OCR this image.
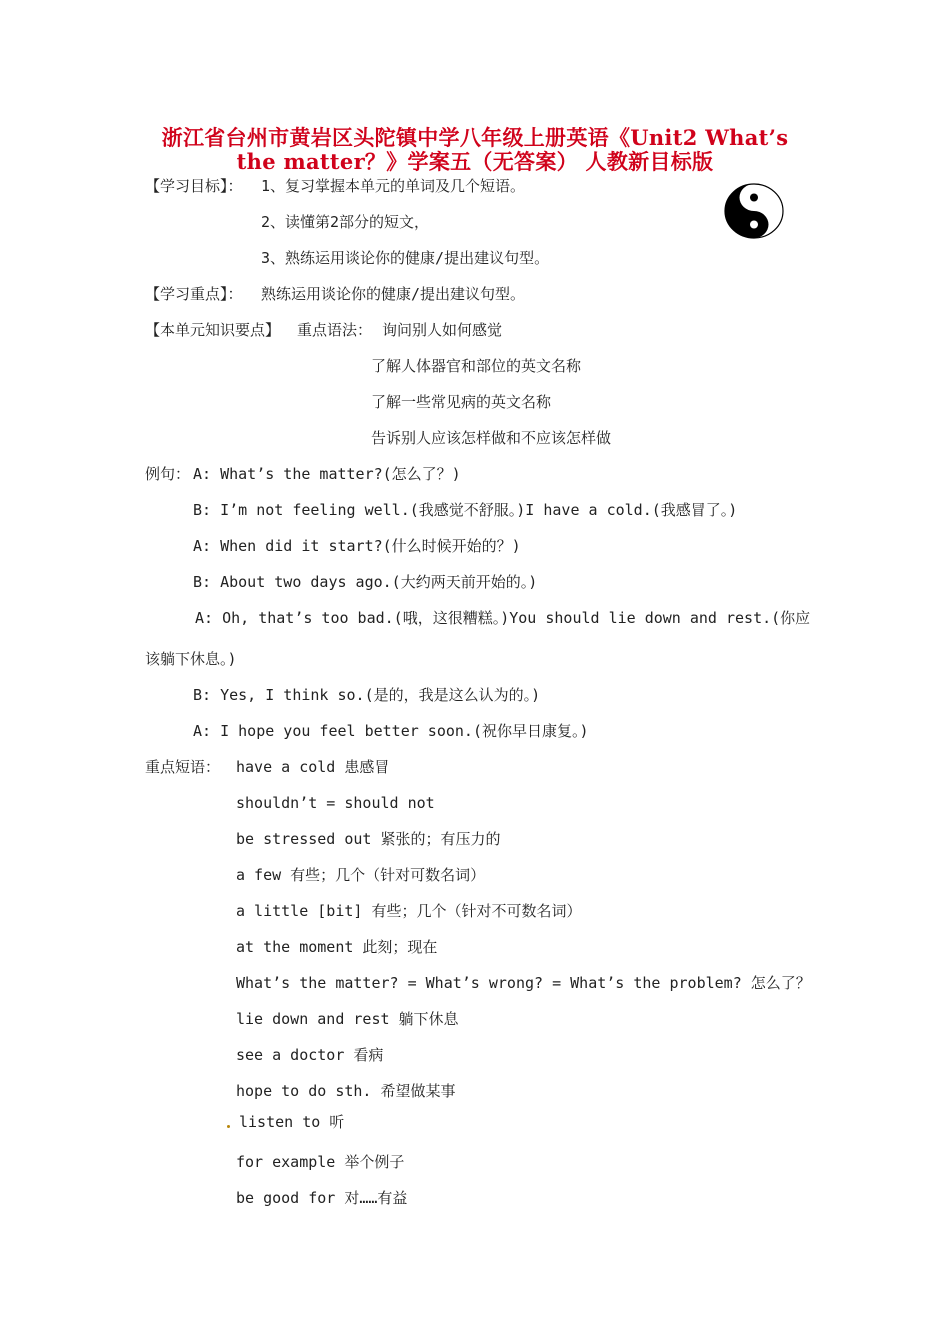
浙江省台州市黄岩区头陀镇中学八年级上册英语《Unit2 What’s
the matter？》学案五（无答案） 人教新目标版
【学习目标】： 1、复习掌握本单元的单词及几个短语。
2、读懂第2部分的短文，
3、熟练运用谈论你的健康/提出建议句型。
【学习重点】： 熟练运用谈论你的健康/提出建议句型。
【本单元知识要点】 重点语法： 询问别人如何感觉
了解人体器官和部位的英文名称
了解一些常见病的英文名称
告诉别人应该怎样做和不应该怎样做
例句： A: What’s the matter?(怎么了？)
B: I’m not feeling well.(我感觉不舒服。)I have a cold.(我感冒了。)
A: When did it start?(什么时候开始的？)
B: About two days ago.(大约两天前开始的。)
A: Oh, that’s too bad.(哦，这很糟糕。)You should lie down and rest.(你应
该躺下休息。)
B: Yes, I think so.(是的，我是这么认为的。)
A: I hope you feel better soon.(祝你早日康复。)
重点短语： have a cold 患感冒
shouldn’t = should not
be stressed out 紧张的；有压力的
a few 有些；几个（针对可数名词）
a little [bit] 有些；几个（针对不可数名词）
at the moment 此刻；现在
What’s the matter? = What’s wrong? = What’s the problem? 怎么了？
lie down and rest 躺下休息
see a doctor 看病
hope to do sth. 希望做某事
listen to 听
for example 举个例子
be good for 对……有益
